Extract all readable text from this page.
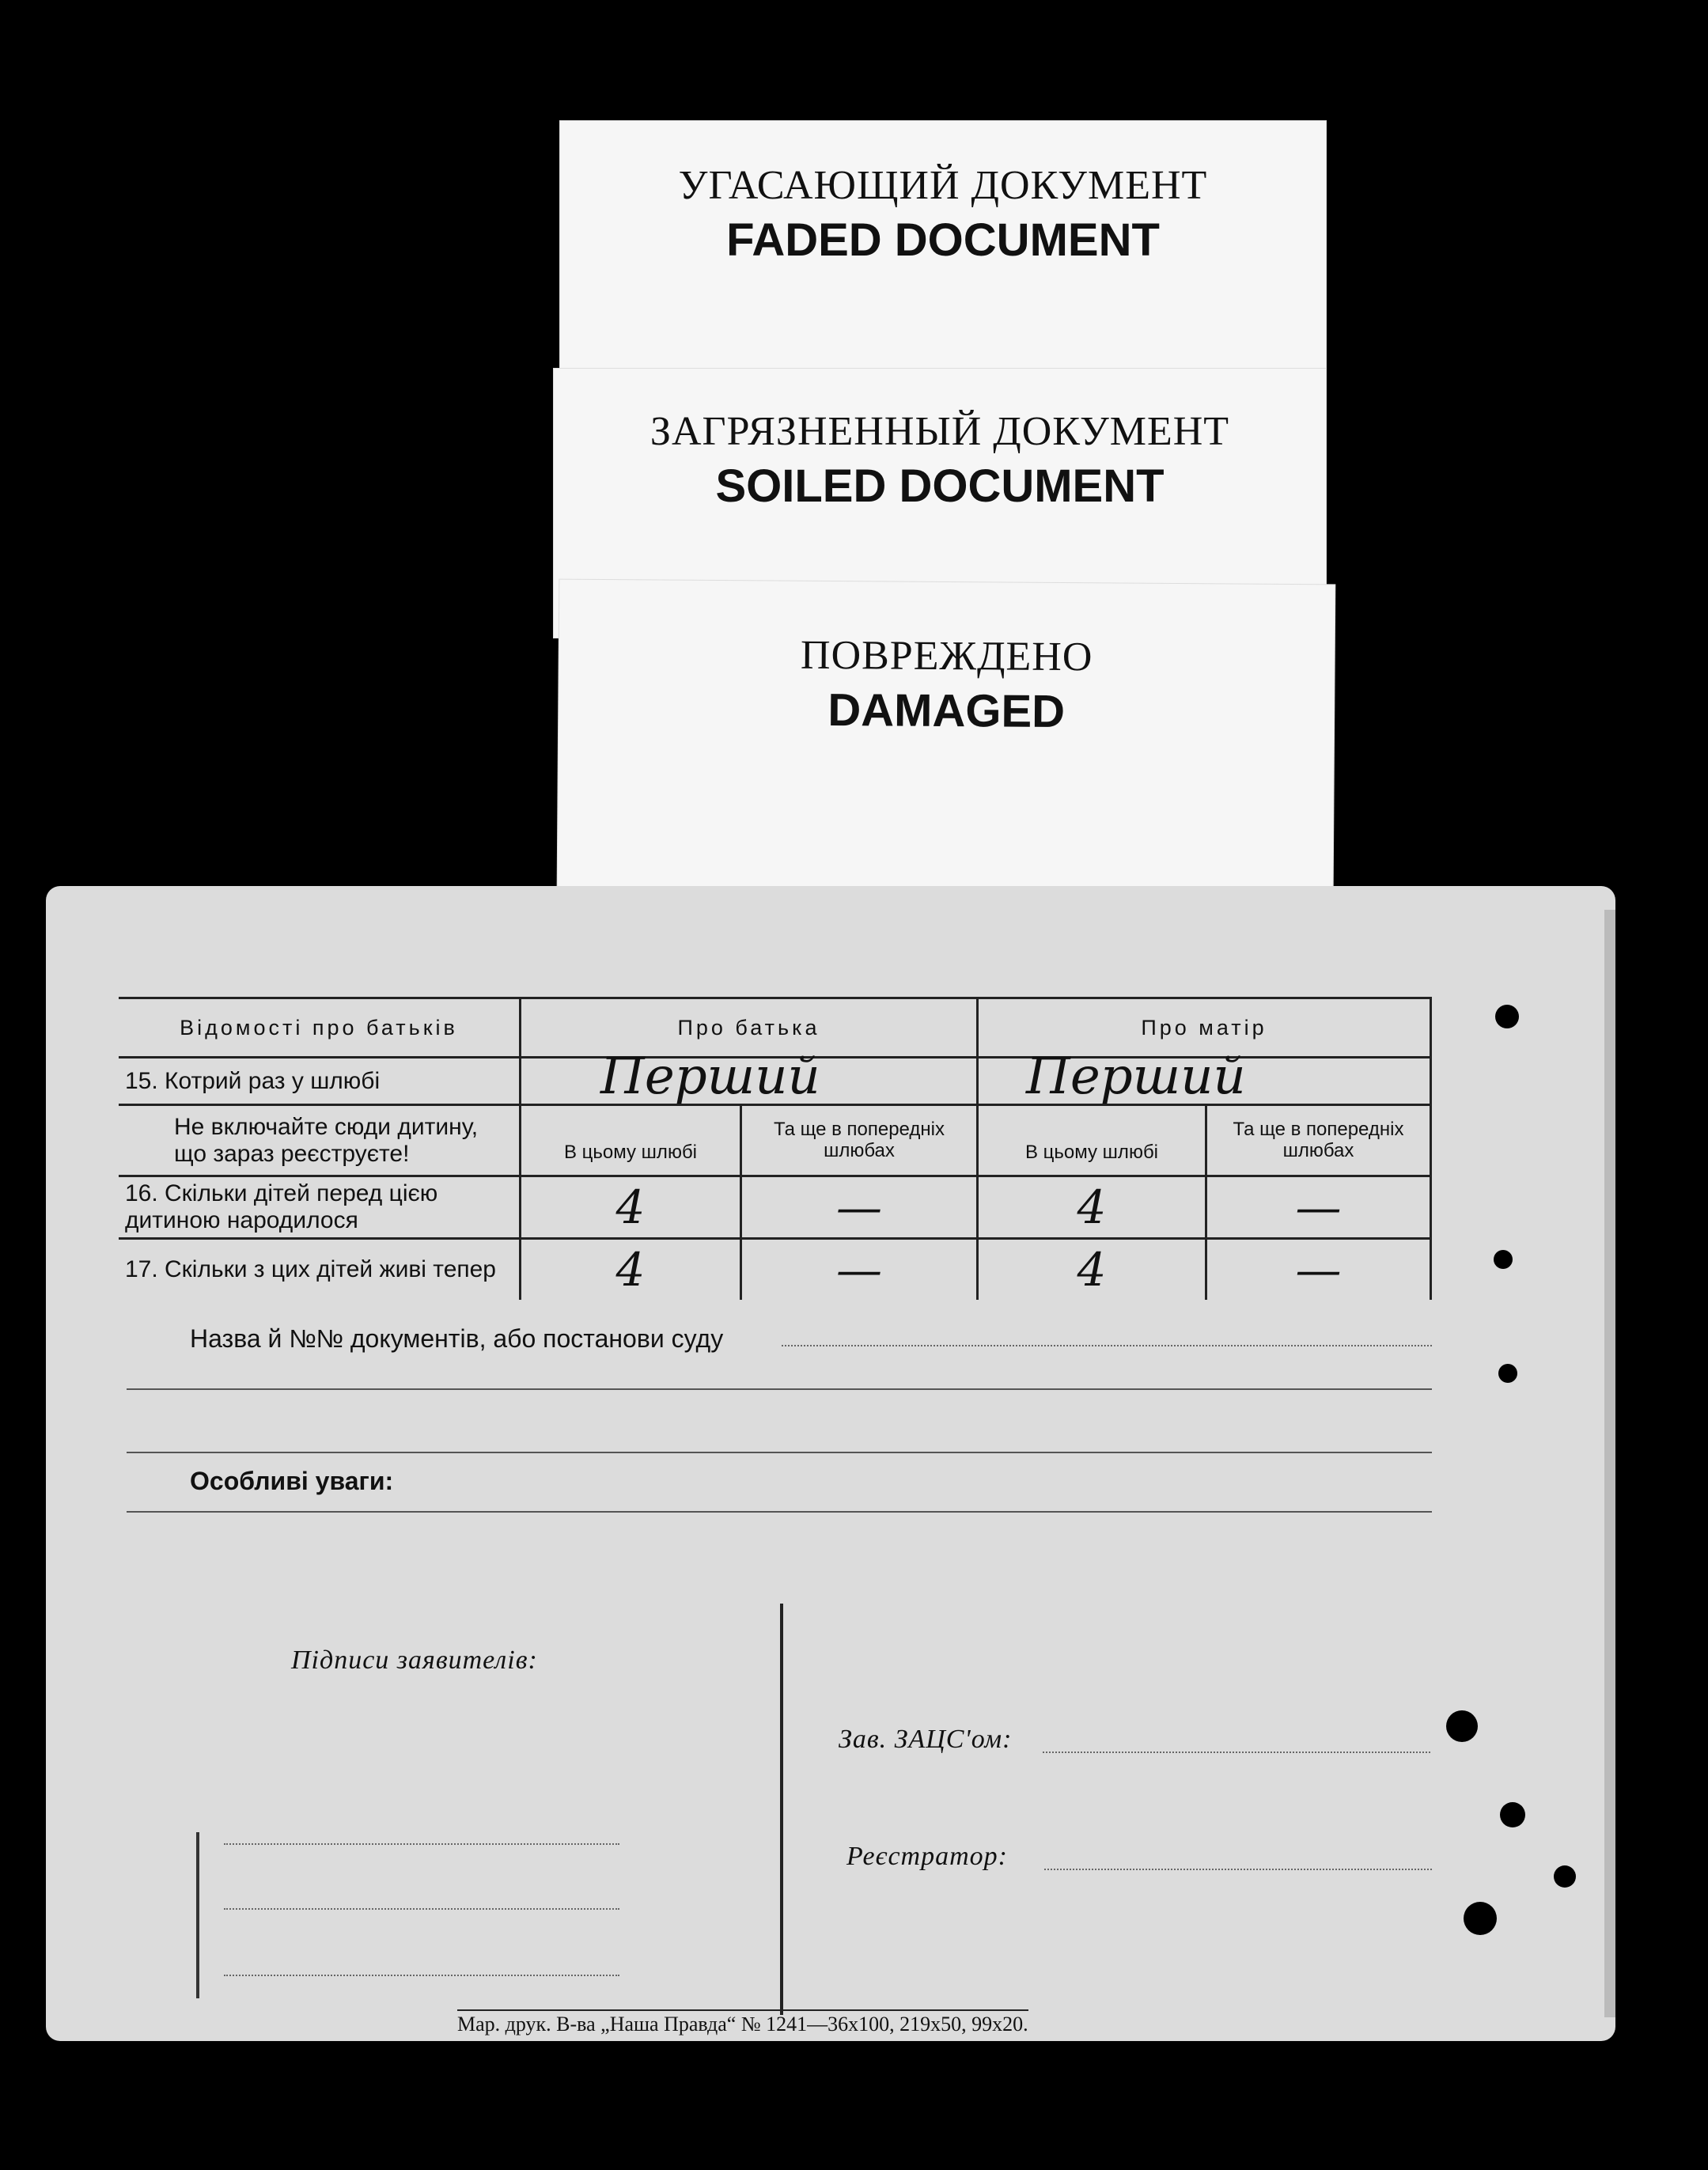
УГАСАЮЩИЙ ДОКУМЕНТ
FADED DOCUMENT
ЗАГРЯЗНЕННЫЙ ДОКУМЕНТ
SOILED DOCUMENT
ПОВРЕЖДЕНО
DAMAGED
Відомості про батьків	Про батька		Про матір	
15. Котрий раз у шлюбі	Перший		Перший	

Не включайте сюди дитину, що зараз реєструєте!	В цьому шлюбі	Та ще в попередніх шлюбах	В цьому шлюбі	Та ще в попередніх шлюбах
16. Скільки дітей перед цією дитиною народилося	4	—	4	—
17. Скільки з цих дітей живі тепер	4	—	4	—
Назва й №№ документів, або постанови суду
Особливі уваги:
Підписи заявителів:
Зав. ЗАЦС'ом:
Реєстратор:
Мар. друк. В-ва „Наша Правда“ № 1241—36х100, 219х50, 99х20.
